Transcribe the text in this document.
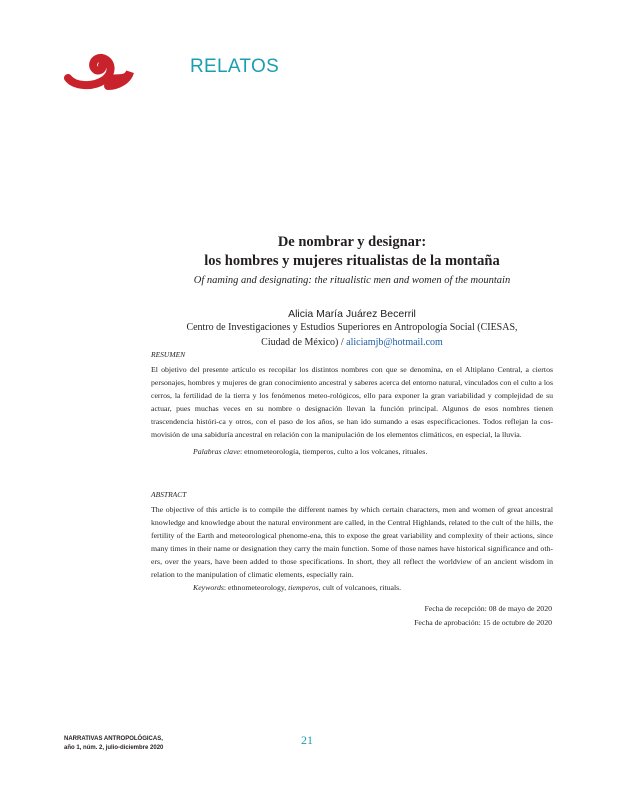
RELATOS
De nombrar y designar:
los hombres y mujeres ritualistas de la montaña
Of naming and designating: the ritualistic men and women of the mountain
Alicia María Juárez Becerril
Centro de Investigaciones y Estudios Superiores en Antropología Social (CIESAS,
Ciudad de México) / aliciamjb@hotmail.com
RESUMEN
El objetivo del presente artículo es recopilar los distintos nombres con que se denomina, en el Altiplano Central, a ciertos personajes, hombres y mujeres de gran conocimiento ancestral y saberes acerca del entorno natural, vinculados con el culto a los cerros, la fertilidad de la tierra y los fenómenos meteo-rológicos, ello para exponer la gran variabilidad y complejidad de su actuar, pues muchas veces en su nombre o designación llevan la función principal. Algunos de esos nombres tienen trascendencia históri-ca y otros, con el paso de los años, se han ido sumando a esas especificaciones. Todos reflejan la cos-movisión de una sabiduría ancestral en relación con la manipulación de los elementos climáticos, en especial, la lluvia.
Palabras clave: etnometeorología, tiemperos, culto a los volcanes, rituales.
ABSTRACT
The objective of this article is to compile the different names by which certain characters, men and women of great ancestral knowledge and knowledge about the natural environment are called, in the Central Highlands, related to the cult of the hills, the fertility of the Earth and meteorological phenome-ena, this to expose the great variability and complexity of their actions, since many times in their name or designation they carry the main function. Some of those names have historical significance and oth-ers, over the years, have been added to those specifications. In short, they all reflect the worldview of an ancient wisdom in relation to the manipulation of climatic elements, especially rain.
Keywords: ethnometeorology, tiemperos, cult of volcanoes, rituals.
Fecha de recepción: 08 de mayo de 2020
Fecha de aprobación: 15 de octubre de 2020
NARRATIVAS ANTROPOLÓGICAS,
año 1, núm. 2, julio-diciembre 2020
21
